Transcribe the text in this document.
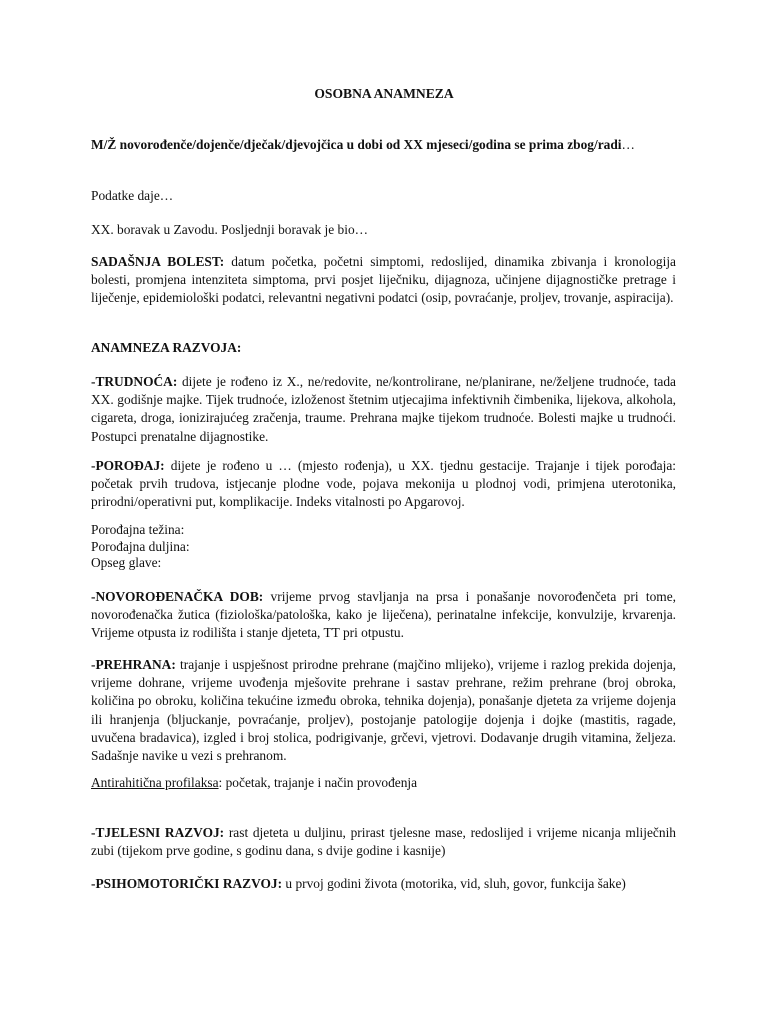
OSOBNA ANAMNEZA
M/Ž novorođenče/dojenče/dječak/djevojčica u dobi od XX mjeseci/godina se prima zbog/radi…
Podatke daje…
XX. boravak u Zavodu. Posljednji boravak je bio…
SADAŠNJA BOLEST: datum početka, početni simptomi, redoslijed, dinamika zbivanja i kronologija bolesti, promjena intenziteta simptoma, prvi posjet liječniku, dijagnoza, učinjene dijagnostičke pretrage i liječenje, epidemiološki podatci, relevantni negativni podatci (osip, povraćanje, proljev, trovanje, aspiracija).
ANAMNEZA RAZVOJA:
-TRUDNOĆA: dijete je rođeno iz X., ne/redovite, ne/kontrolirane, ne/planirane, ne/željene trudnoće, tada XX. godišnje majke. Tijek trudnoće, izloženost štetnim utjecajima infektivnih čimbenika, lijekova, alkohola, cigareta, droga, ionizirajućeg zračenja, traume. Prehrana majke tijekom trudnoće. Bolesti majke u trudnoći. Postupci prenatalne dijagnostike.
-POROĐAJ: dijete je rođeno u … (mjesto rođenja), u XX. tjednu gestacije. Trajanje i tijek porođaja: početak prvih trudova, istjecanje plodne vode, pojava mekonija u plodnoj vodi, primjena uterotonika, prirodni/operativni put, komplikacije. Indeks vitalnosti po Apgarovoj.
Porođajna težina:
Porođajna duljina:
Opseg glave:
-NOVOROĐENAČKA DOB: vrijeme prvog stavljanja na prsa i ponašanje novorođenčeta pri tome, novorođenačka žutica (fiziološka/patološka, kako je liječena), perinatalne infekcije, konvulzije, krvarenja. Vrijeme otpusta iz rodilišta i stanje djeteta, TT pri otpustu.
-PREHRANA: trajanje i uspješnost prirodne prehrane (majčino mlijeko), vrijeme i razlog prekida dojenja, vrijeme dohrane, vrijeme uvođenja mješovite prehrane i sastav prehrane, režim prehrane (broj obroka, količina po obroku, količina tekućine između obroka, tehnika dojenja), ponašanje djeteta za vrijeme dojenja ili hranjenja (bljuckanje, povraćanje, proljev), postojanje patologije dojenja i dojke (mastitis, ragade, uvučena bradavica), izgled i broj stolica, podrigivanje, grčevi, vjetrovi. Dodavanje drugih vitamina, željeza. Sadašnje navike u vezi s prehranom.
Antirahitična profilaksa: početak, trajanje i način provođenja
-TJELESNI RAZVOJ: rast djeteta u duljinu, prirast tjelesne mase, redoslijed i vrijeme nicanja mliječnih zubi (tijekom prve godine, s godinu dana, s dvije godine i kasnije)
-PSIHOMOTORIČKI RAZVOJ: u prvoj godini života (motorika, vid, sluh, govor, funkcija šake)
